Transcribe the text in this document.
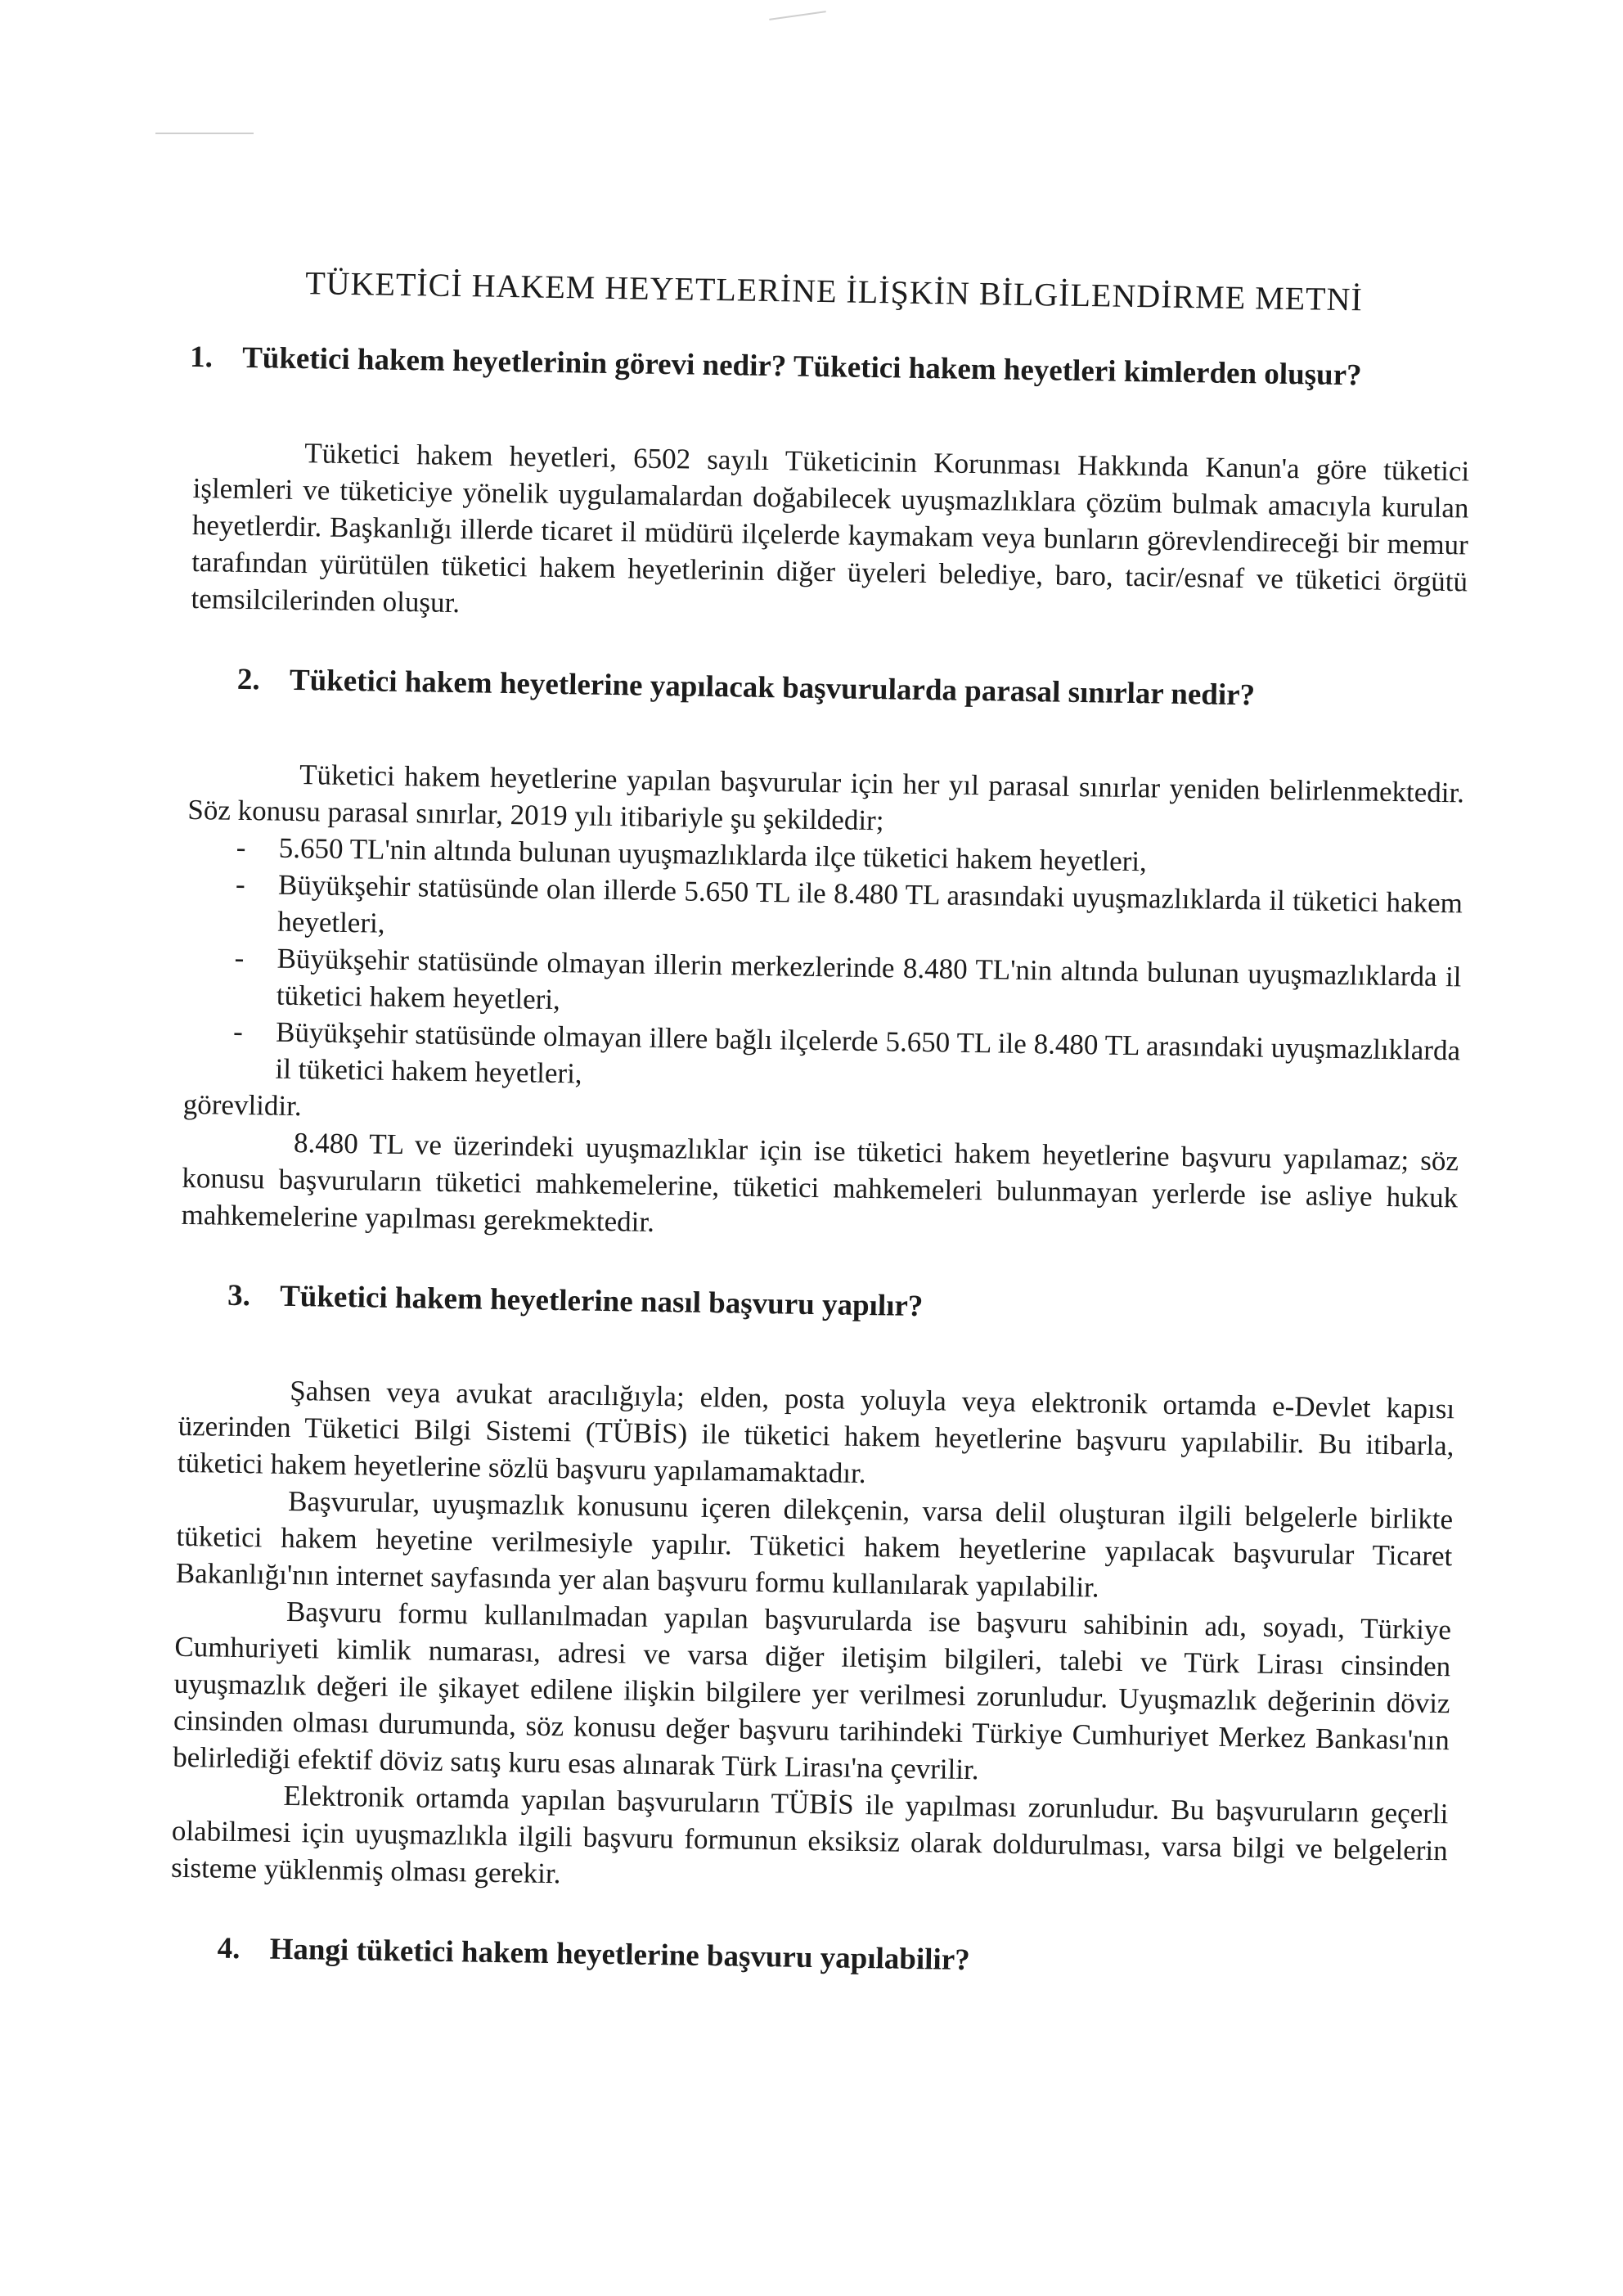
TÜKETİCİ HAKEM HEYETLERİNE İLİŞKİN BİLGİLENDİRME METNİ
1. Tüketici hakem heyetlerinin görevi nedir? Tüketici hakem heyetleri kimlerden oluşur?

Tüketici hakem heyetleri, 6502 sayılı Tüketicinin Korunması Hakkında Kanun'a göre tüketici işlemleri ve tüketiciye yönelik uygulamalardan doğabilecek uyuşmazlıklara çözüm bulmak amacıyla kurulan heyetlerdir. Başkanlığı illerde ticaret il müdürü ilçelerde kaymakam veya bunların görevlendireceği bir memur tarafından yürütülen tüketici hakem heyetlerinin diğer üyeleri belediye, baro, tacir/esnaf ve tüketici örgütü temsilcilerinden oluşur.

2. Tüketici hakem heyetlerine yapılacak başvurularda parasal sınırlar nedir?

Tüketici hakem heyetlerine yapılan başvurular için her yıl parasal sınırlar yeniden belirlenmektedir. Söz konusu parasal sınırlar, 2019 yılı itibariyle şu şekildedir;

- 5.650 TL'nin altında bulunan uyuşmazlıklarda ilçe tüketici hakem heyetleri,
- Büyükşehir statüsünde olan illerde 5.650 TL ile 8.480 TL arasındaki uyuşmazlıklarda il tüketici hakem heyetleri,
- Büyükşehir statüsünde olmayan illerin merkezlerinde 8.480 TL'nin altında bulunan uyuşmazlıklarda il tüketici hakem heyetleri,
- Büyükşehir statüsünde olmayan illere bağlı ilçelerde 5.650 TL ile 8.480 TL arasındaki uyuşmazlıklarda il tüketici hakem heyetleri,

görevlidir.

8.480 TL ve üzerindeki uyuşmazlıklar için ise tüketici hakem heyetlerine başvuru yapılamaz; söz konusu başvuruların tüketici mahkemelerine, tüketici mahkemeleri bulunmayan yerlerde ise asliye hukuk mahkemelerine yapılması gerekmektedir.

3. Tüketici hakem heyetlerine nasıl başvuru yapılır?

Şahsen veya avukat aracılığıyla; elden, posta yoluyla veya elektronik ortamda e-Devlet kapısı üzerinden Tüketici Bilgi Sistemi (TÜBİS) ile tüketici hakem heyetlerine başvuru yapılabilir. Bu itibarla, tüketici hakem heyetlerine sözlü başvuru yapılamamaktadır.

Başvurular, uyuşmazlık konusunu içeren dilekçenin, varsa delil oluşturan ilgili belgelerle birlikte tüketici hakem heyetine verilmesiyle yapılır. Tüketici hakem heyetlerine yapılacak başvurular Ticaret Bakanlığı'nın internet sayfasında yer alan başvuru formu kullanılarak yapılabilir.

Başvuru formu kullanılmadan yapılan başvurularda ise başvuru sahibinin adı, soyadı, Türkiye Cumhuriyeti kimlik numarası, adresi ve varsa diğer iletişim bilgileri, talebi ve Türk Lirası cinsinden uyuşmazlık değeri ile şikayet edilene ilişkin bilgilere yer verilmesi zorunludur. Uyuşmazlık değerinin döviz cinsinden olması durumunda, söz konusu değer başvuru tarihindeki Türkiye Cumhuriyet Merkez Bankası'nın belirlediği efektif döviz satış kuru esas alınarak Türk Lirası'na çevrilir.

Elektronik ortamda yapılan başvuruların TÜBİS ile yapılması zorunludur. Bu başvuruların geçerli olabilmesi için uyuşmazlıkla ilgili başvuru formunun eksiksiz olarak doldurulması, varsa bilgi ve belgelerin sisteme yüklenmiş olması gerekir.

4. Hangi tüketici hakem heyetlerine başvuru yapılabilir?
